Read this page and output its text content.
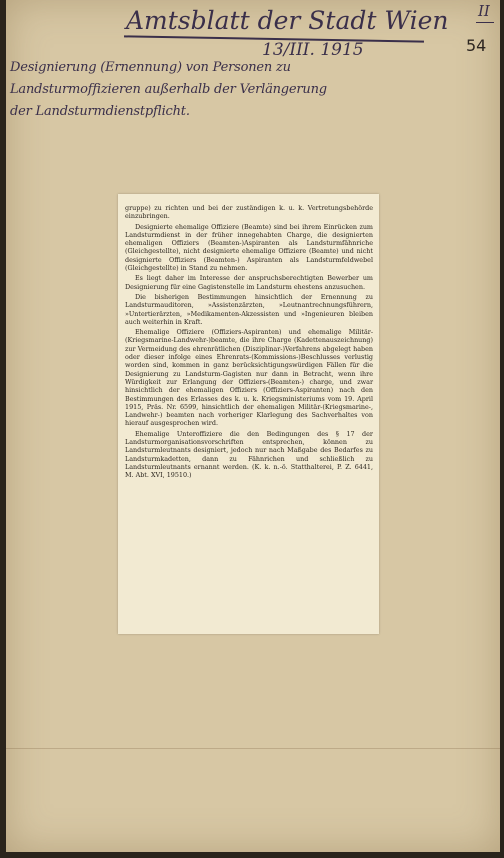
Amtsblatt der Stadt Wien II
13/III. 1915	54
Designierung (Ernennung) von Personen zu
Landsturmoffizieren außerhalb der Verlängerung
der Landsturmdienstpflicht.

gruppe) zu richten und bei der zuständigen k. u. k. Vertretungsbehörde einzubringen.

Designierte ehemalige Offiziere (Beamte) sind bei ihrem Einrücken zum Landsturmdienst in der früher innegehabten Charge, die designierten ehemaligen Offiziers (Beamten-)Aspiranten als Landsturmfähnriche (Gleichgestellte), nicht designierte ehemalige Offiziere (Beamte) und nicht designierte Offiziers (Beamten-) Aspiranten als Landsturmfeldwebel (Gleichgestellte) in Stand zu nehmen.

Es liegt daher im Interesse der anspruchsberechtigten Bewerber um Designierung für eine Gagistenstelle im Landsturm ehestens anzusuchen.

Die bisherigen Bestimmungen hinsichtlich der Ernennung zu Landsturmauditoren, »Assistenzärzten, »Leutnantrechnungsführern, »Untertierärzten, »Medikamenten-Akzessisten und »Ingenieuren bleiben auch weiterhin in Kraft.

Ehemalige Offiziere (Offiziers-Aspiranten) und ehemalige Militär-(Kriegsmarine-Landwehr-)beamte, die ihre Charge (Kadettenauszeichnung) zur Vermeidung des ehrenrätlichen (Disziplinar-)Verfahrens abgelegt haben oder dieser infolge eines Ehrenrats-(Kommissions-)Beschlusses verlustig worden sind, kommen in ganz berücksichtigungswürdigen Fällen für die Designierung zu Landsturm-Gagisten nur dann in Betracht, wenn ihre Würdigkeit zur Erlangung der Offiziers-(Beamten-) charge, und zwar hinsichtlich der ehemaligen Offiziers (Offiziers-Aspiranten) nach den Bestimmungen des Erlasses des k. u. k. Kriegsministeriums vom 19. April 1915, Präs. Nr. 6599, hinsichtlich der ehemaligen Militär-(Kriegsmarine-, Landwehr-) beamten nach vorheriger Klarlegung des Sachverhaltes von hierauf ausgesprochen wird.

Ehemalige Unteroffiziere die den Bedingungen des § 17 der Landsturmorganisationsvorschriften entsprechen, können zu Landsturmleutnants designiert, jedoch nur nach Maßgabe des Bedarfes zu Landsturmkadetten, dann zu Fähnrichen und schließlich zu Landsturmleutnants ernannt werden. (K. k. n.-ö. Statthalterei, P. Z. 6441, M. Abt. XVI, 19510.)
